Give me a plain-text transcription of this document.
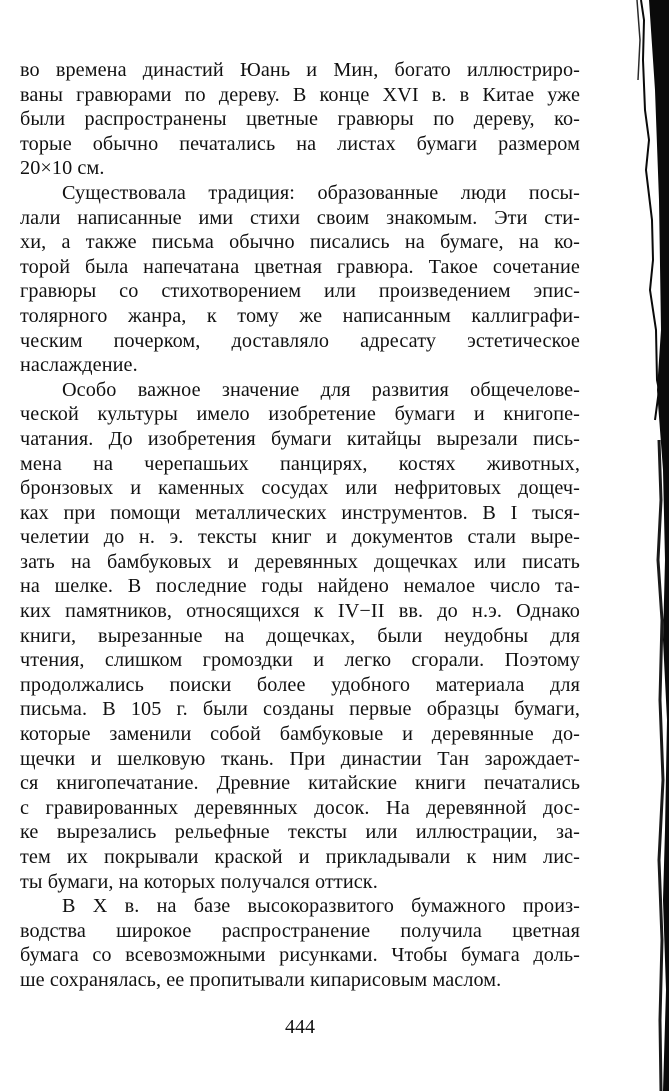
во времена династий Юань и Мин, богато иллюстриро-
ваны гравюрами по дереву. В конце XVI в. в Китае уже
были распространены цветные гравюры по дереву, ко-
торые обычно печатались на листах бумаги размером
20×10 см.
Существовала традиция: образованные люди посы-
лали написанные ими стихи своим знакомым. Эти сти-
хи, а также письма обычно писались на бумаге, на ко-
торой была напечатана цветная гравюра. Такое сочетание
гравюры со стихотворением или произведением эпис-
толярного жанра, к тому же написанным каллиграфи-
ческим почерком, доставляло адресату эстетическое
наслаждение.
Особо важное значение для развития общечелове-
ческой культуры имело изобретение бумаги и книгопе-
чатания. До изобретения бумаги китайцы вырезали пись-
мена на черепашьих панцирях, костях животных,
бронзовых и каменных сосудах или нефритовых дощеч-
ках при помощи металлических инструментов. В I тыся-
челетии до н. э. тексты книг и документов стали выре-
зать на бамбуковых и деревянных дощечках или писать
на шелке. В последние годы найдено немалое число та-
ких памятников, относящихся к IV−II вв. до н.э. Однако
книги, вырезанные на дощечках, были неудобны для
чтения, слишком громоздки и легко сгорали. Поэтому
продолжались поиски более удобного материала для
письма. В 105 г. были созданы первые образцы бумаги,
которые заменили собой бамбуковые и деревянные до-
щечки и шелковую ткань. При династии Тан зарождает-
ся книгопечатание. Древние китайские книги печатались
с гравированных деревянных досок. На деревянной дос-
ке вырезались рельефные тексты или иллюстрации, за-
тем их покрывали краской и прикладывали к ним лис-
ты бумаги, на которых получался оттиск.
В X в. на базе высокоразвитого бумажного произ-
водства широкое распространение получила цветная
бумага со всевозможными рисунками. Чтобы бумага доль-
ше сохранялась, ее пропитывали кипарисовым маслом.
444
